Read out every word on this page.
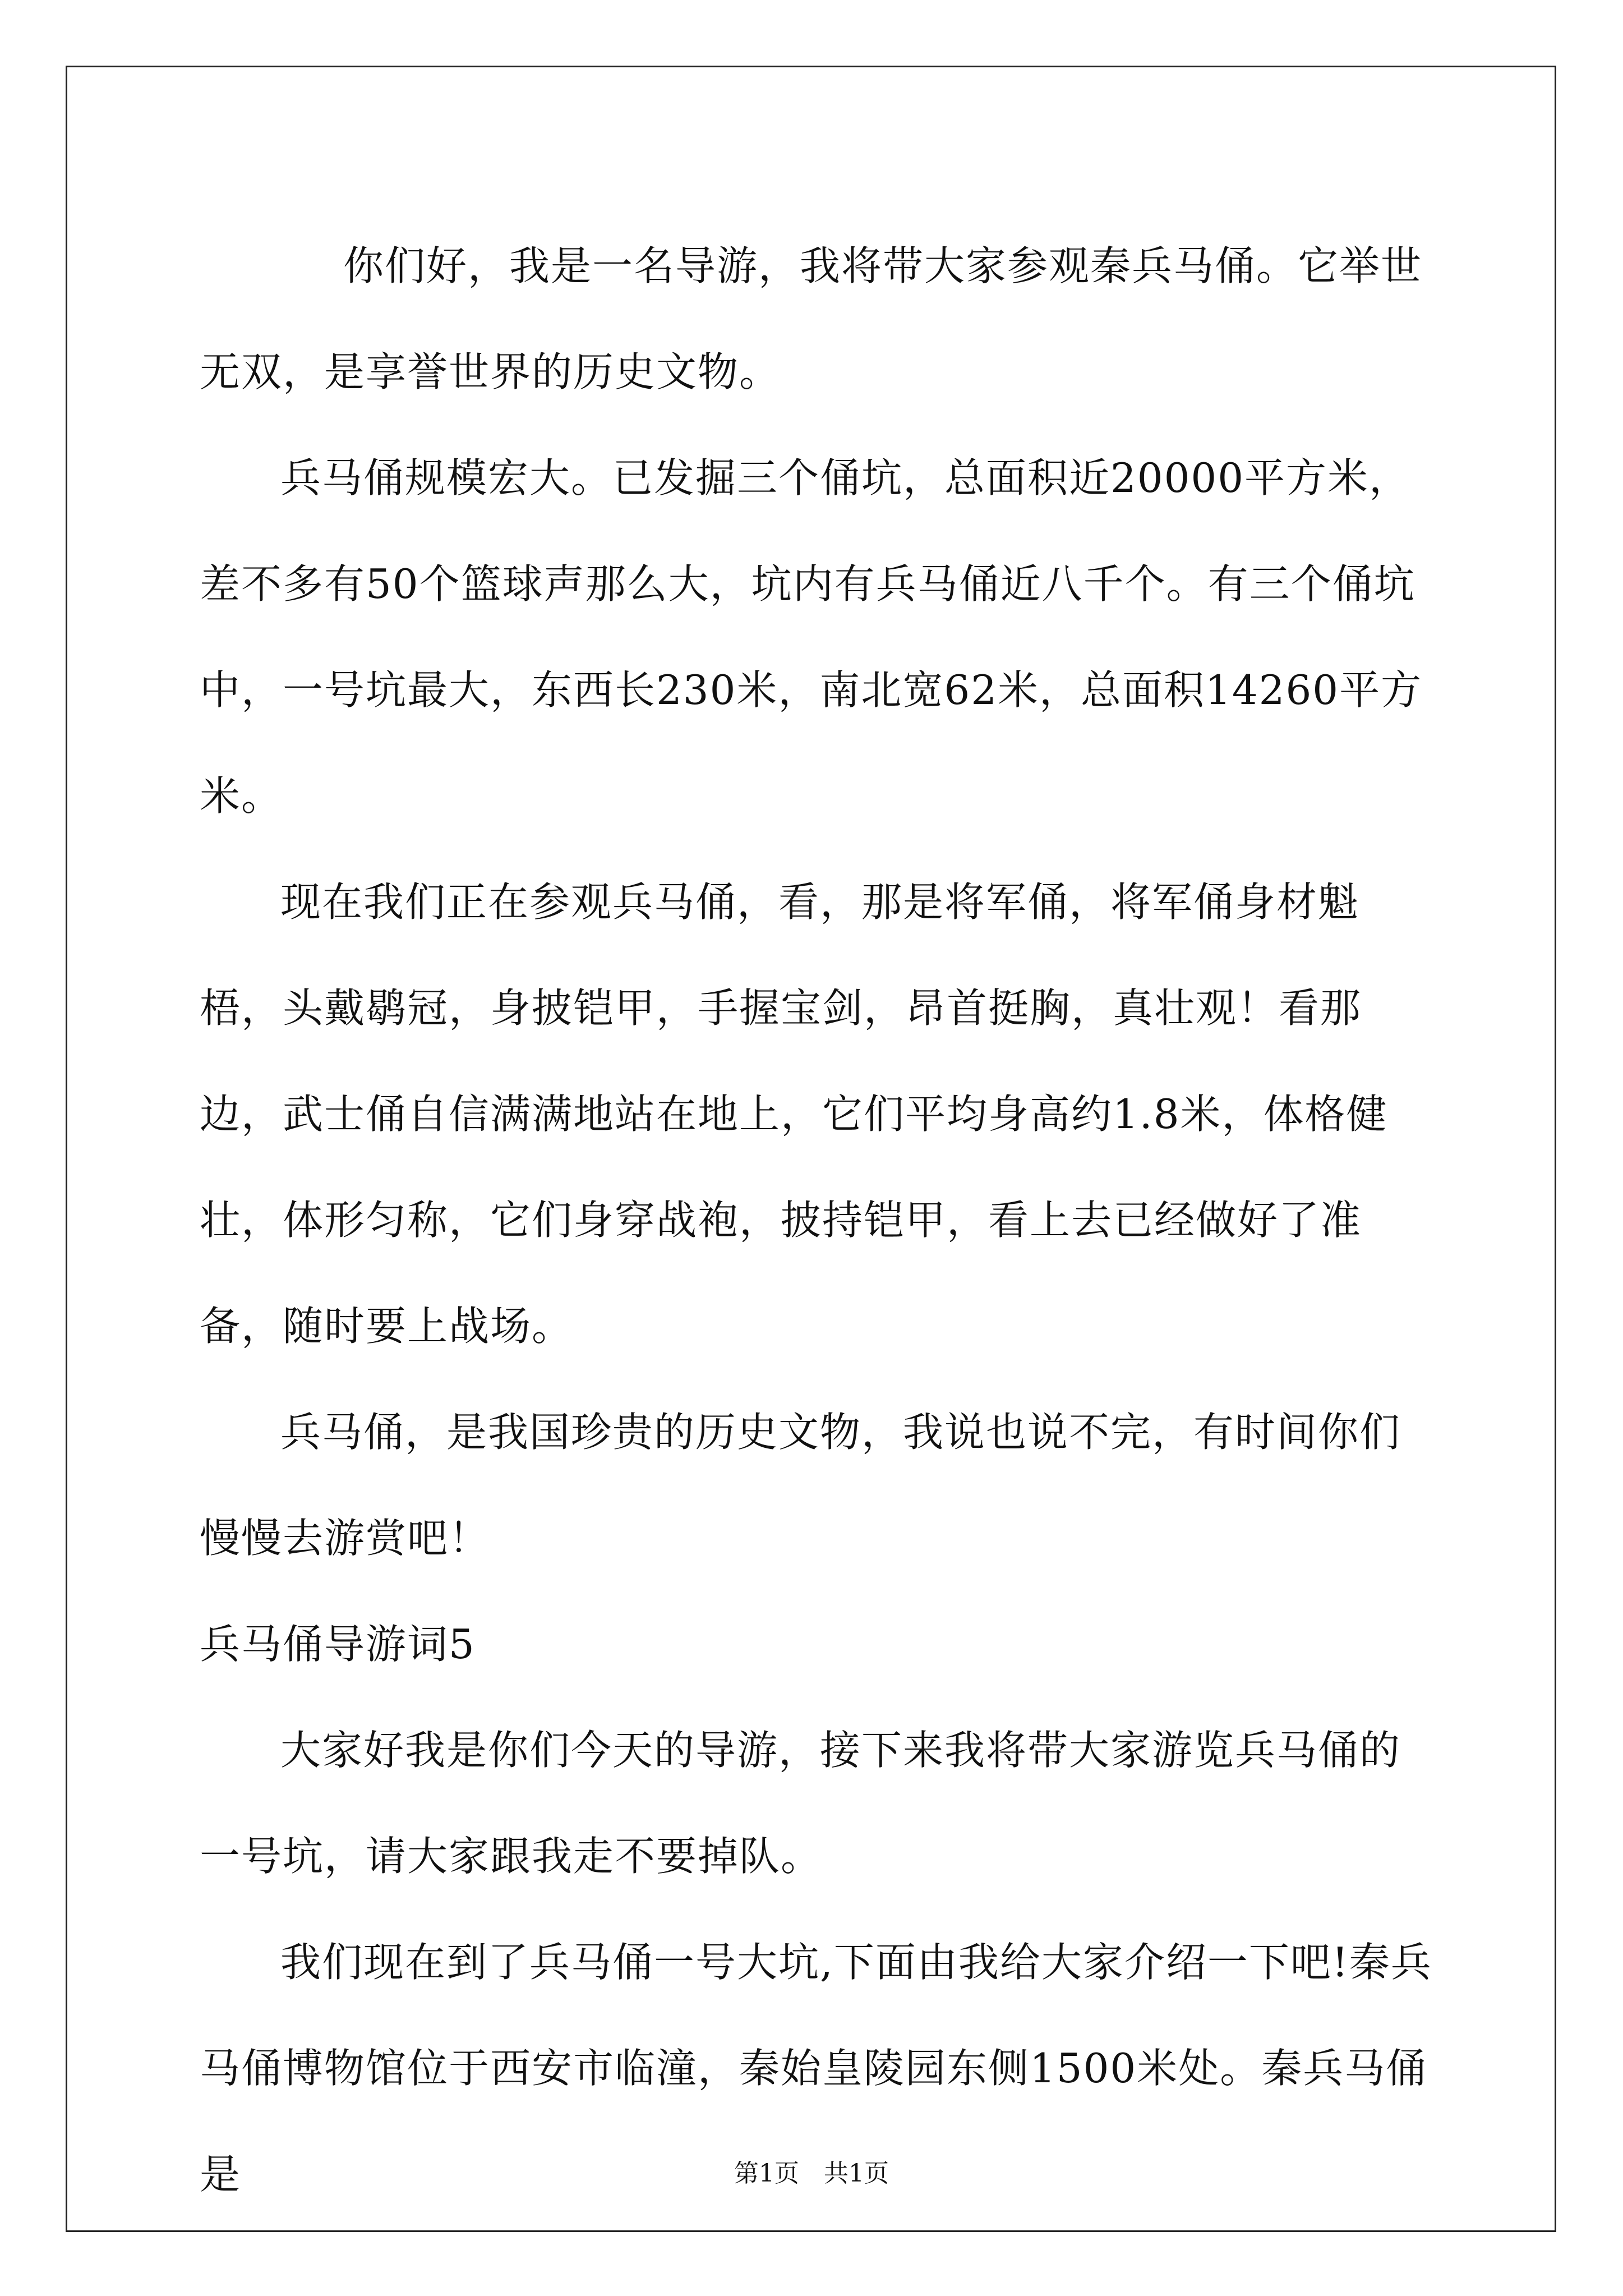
你们好，我是一名导游，我将带大家参观秦兵马俑。它举世无双，是享誉世界的历史文物。

兵马俑规模宏大。已发掘三个俑坑，总面积近20000平方米，差不多有50个篮球声那么大，坑内有兵马俑近八千个。有三个俑坑中，一号坑最大，东西长230米，南北宽62米，总面积14260平方米。

现在我们正在参观兵马俑，看，那是将军俑，将军俑身材魁梧，头戴鹖冠，身披铠甲，手握宝剑，昂首挺胸，真壮观！看那边，武士俑自信满满地站在地上，它们平均身高约1.8米，体格健壮，体形匀称，它们身穿战袍，披持铠甲，看上去已经做好了准备，随时要上战场。

兵马俑，是我国珍贵的历史文物，我说也说不完，有时间你们慢慢去游赏吧！

兵马俑导游词5

大家好我是你们今天的导游，接下来我将带大家游览兵马俑的一号坑，请大家跟我走不要掉队。

我们现在到了兵马俑一号大坑,下面由我给大家介绍一下吧!秦兵马俑博物馆位于西安市临潼，秦始皇陵园东侧1500米处。秦兵马俑是	第1页　共1页
